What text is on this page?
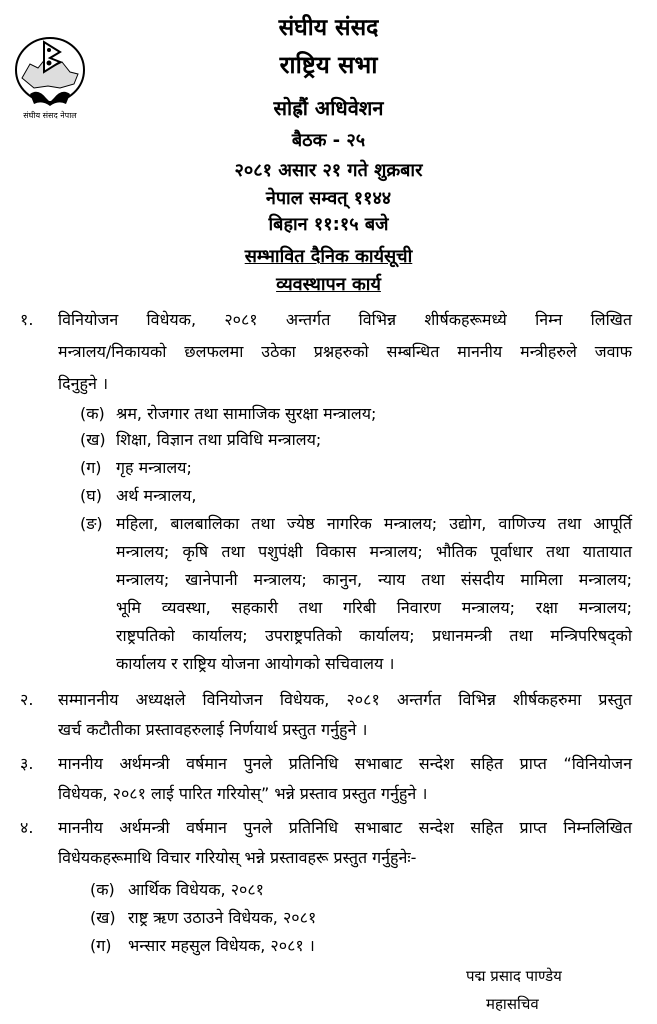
संघीय संसद नेपाल
संघीय संसद
राष्ट्रिय सभा
सोह्रौं अधिवेशन
बैठक - २५
२०८१ असार २१ गते शुक्रबार
नेपाल सम्वत् ११४४
बिहान ११:१५ बजे
सम्भावित दैनिक कार्यसूची
व्यवस्थापन कार्य
१. विनियोजन विधेयक, २०८१ अन्तर्गत विभिन्न शीर्षकहरूमध्ये निम्न लिखित
मन्त्रालय/निकायको छलफलमा उठेका प्रश्नहरुको सम्बन्धित माननीय मन्त्रीहरुले जवाफ
दिनुहुने ।
(क) श्रम, रोजगार तथा सामाजिक सुरक्षा मन्त्रालय;
(ख) शिक्षा, विज्ञान तथा प्रविधि मन्त्रालय;
(ग) गृह मन्त्रालय;
(घ) अर्थ मन्त्रालय,
(ङ) महिला, बालबालिका तथा ज्येष्ठ नागरिक मन्त्रालय; उद्योग, वाणिज्य तथा आपूर्ति
मन्त्रालय; कृषि तथा पशुपंक्षी विकास मन्त्रालय; भौतिक पूर्वाधार तथा यातायात
मन्त्रालय; खानेपानी मन्त्रालय; कानुन, न्याय तथा संसदीय मामिला मन्त्रालय;
भूमि व्यवस्था, सहकारी तथा गरिबी निवारण मन्त्रालय; रक्षा मन्त्रालय;
राष्ट्रपतिको कार्यालय; उपराष्ट्रपतिको कार्यालय; प्रधानमन्त्री तथा मन्त्रिपरिषद्को
कार्यालय र राष्ट्रिय योजना आयोगको सचिवालय ।
२. सम्माननीय अध्यक्षले विनियोजन विधेयक, २०८१ अन्तर्गत विभिन्न शीर्षकहरुमा प्रस्तुत
खर्च कटौतीका प्रस्तावहरुलाई निर्णयार्थ प्रस्तुत गर्नुहुने ।
३. माननीय अर्थमन्त्री वर्षमान पुनले प्रतिनिधि सभाबाट सन्देश सहित प्राप्त “विनियोजन
विधेयक, २०८१ लाई पारित गरियोस्” भन्ने प्रस्ताव प्रस्तुत गर्नुहुने ।
४. माननीय अर्थमन्त्री वर्षमान पुनले प्रतिनिधि सभाबाट सन्देश सहित प्राप्त निम्नलिखित
विधेयकहरूमाथि विचार गरियोस् भन्ने प्रस्तावहरू प्रस्तुत गर्नुहुनेः-
(क) आर्थिक विधेयक, २०८१
(ख) राष्ट्र ऋण उठाउने विधेयक, २०८१
(ग) भन्सार महसुल विधेयक, २०८१ ।
पद्म प्रसाद पाण्डेय
महासचिव
